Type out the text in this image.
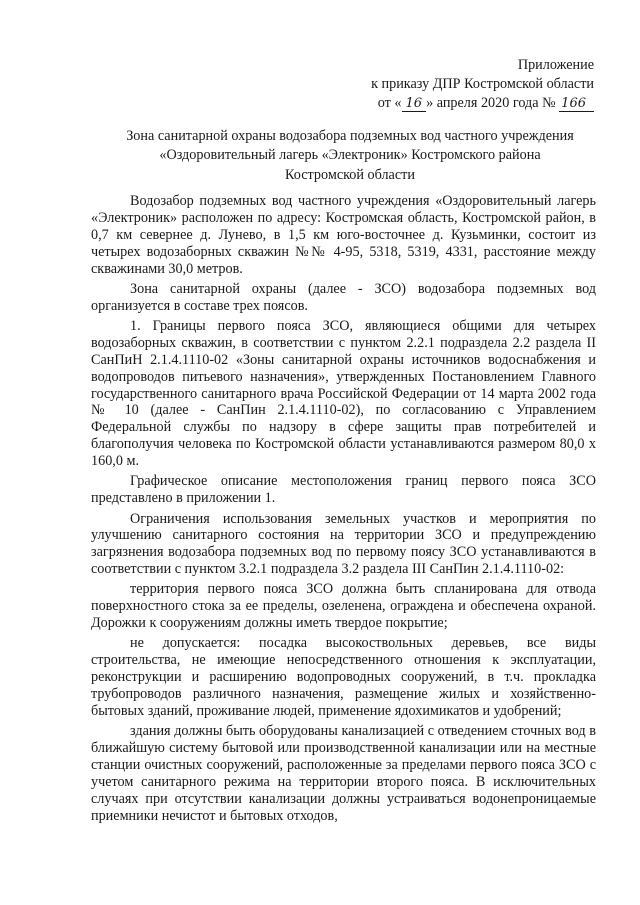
Приложение
к приказу ДПР Костромской области
от « 16 » апреля 2020 года № 166
Зона санитарной охраны водозабора подземных вод частного учреждения
«Оздоровительный лагерь «Электроник» Костромского района
Костромской области

Водозабор подземных вод частного учреждения «Оздоровительный лагерь «Электроник» расположен по адресу: Костромская область, Костромской район, в 0,7 км севернее д. Лунево, в 1,5 км юго-восточнее д. Кузьминки, состоит из четырех водозаборных скважин №№ 4-95, 5318, 5319, 4331, расстояние между скважинами 30,0 метров.

Зона санитарной охраны (далее - ЗСО) водозабора подземных вод организуется в составе трех поясов.

1. Границы первого пояса ЗСО, являющиеся общими для четырех водозаборных скважин, в соответствии с пунктом 2.2.1 подраздела 2.2 раздела II СанПиН 2.1.4.1110-02 «Зоны санитарной охраны источников водоснабжения и водопроводов питьевого назначения», утвержденных Постановлением Главного государственного санитарного врача Российской Федерации от 14 марта 2002 года № 10 (далее - СанПин 2.1.4.1110-02), по согласованию с Управлением Федеральной службы по надзору в сфере защиты прав потребителей и благополучия человека по Костромской области устанавливаются размером 80,0 х 160,0 м.

Графическое описание местоположения границ первого пояса ЗСО представлено в приложении 1.

Ограничения использования земельных участков и мероприятия по улучшению санитарного состояния на территории ЗСО и предупреждению загрязнения водозабора подземных вод по первому поясу ЗСО устанавливаются в соответствии с пунктом 3.2.1 подраздела 3.2 раздела III СанПин 2.1.4.1110-02:

территория первого пояса ЗСО должна быть спланирована для отвода поверхностного стока за ее пределы, озеленена, ограждена и обеспечена охраной. Дорожки к сооружениям должны иметь твердое покрытие;

не допускается: посадка высокоствольных деревьев, все виды строительства, не имеющие непосредственного отношения к эксплуатации, реконструкции и расширению водопроводных сооружений, в т.ч. прокладка трубопроводов различного назначения, размещение жилых и хозяйственно-бытовых зданий, проживание людей, применение ядохимикатов и удобрений;

здания должны быть оборудованы канализацией с отведением сточных вод в ближайшую систему бытовой или производственной канализации или на местные станции очистных сооружений, расположенные за пределами первого пояса ЗСО с учетом санитарного режима на территории второго пояса. В исключительных случаях при отсутствии канализации должны устраиваться водонепроницаемые приемники нечистот и бытовых отходов,
